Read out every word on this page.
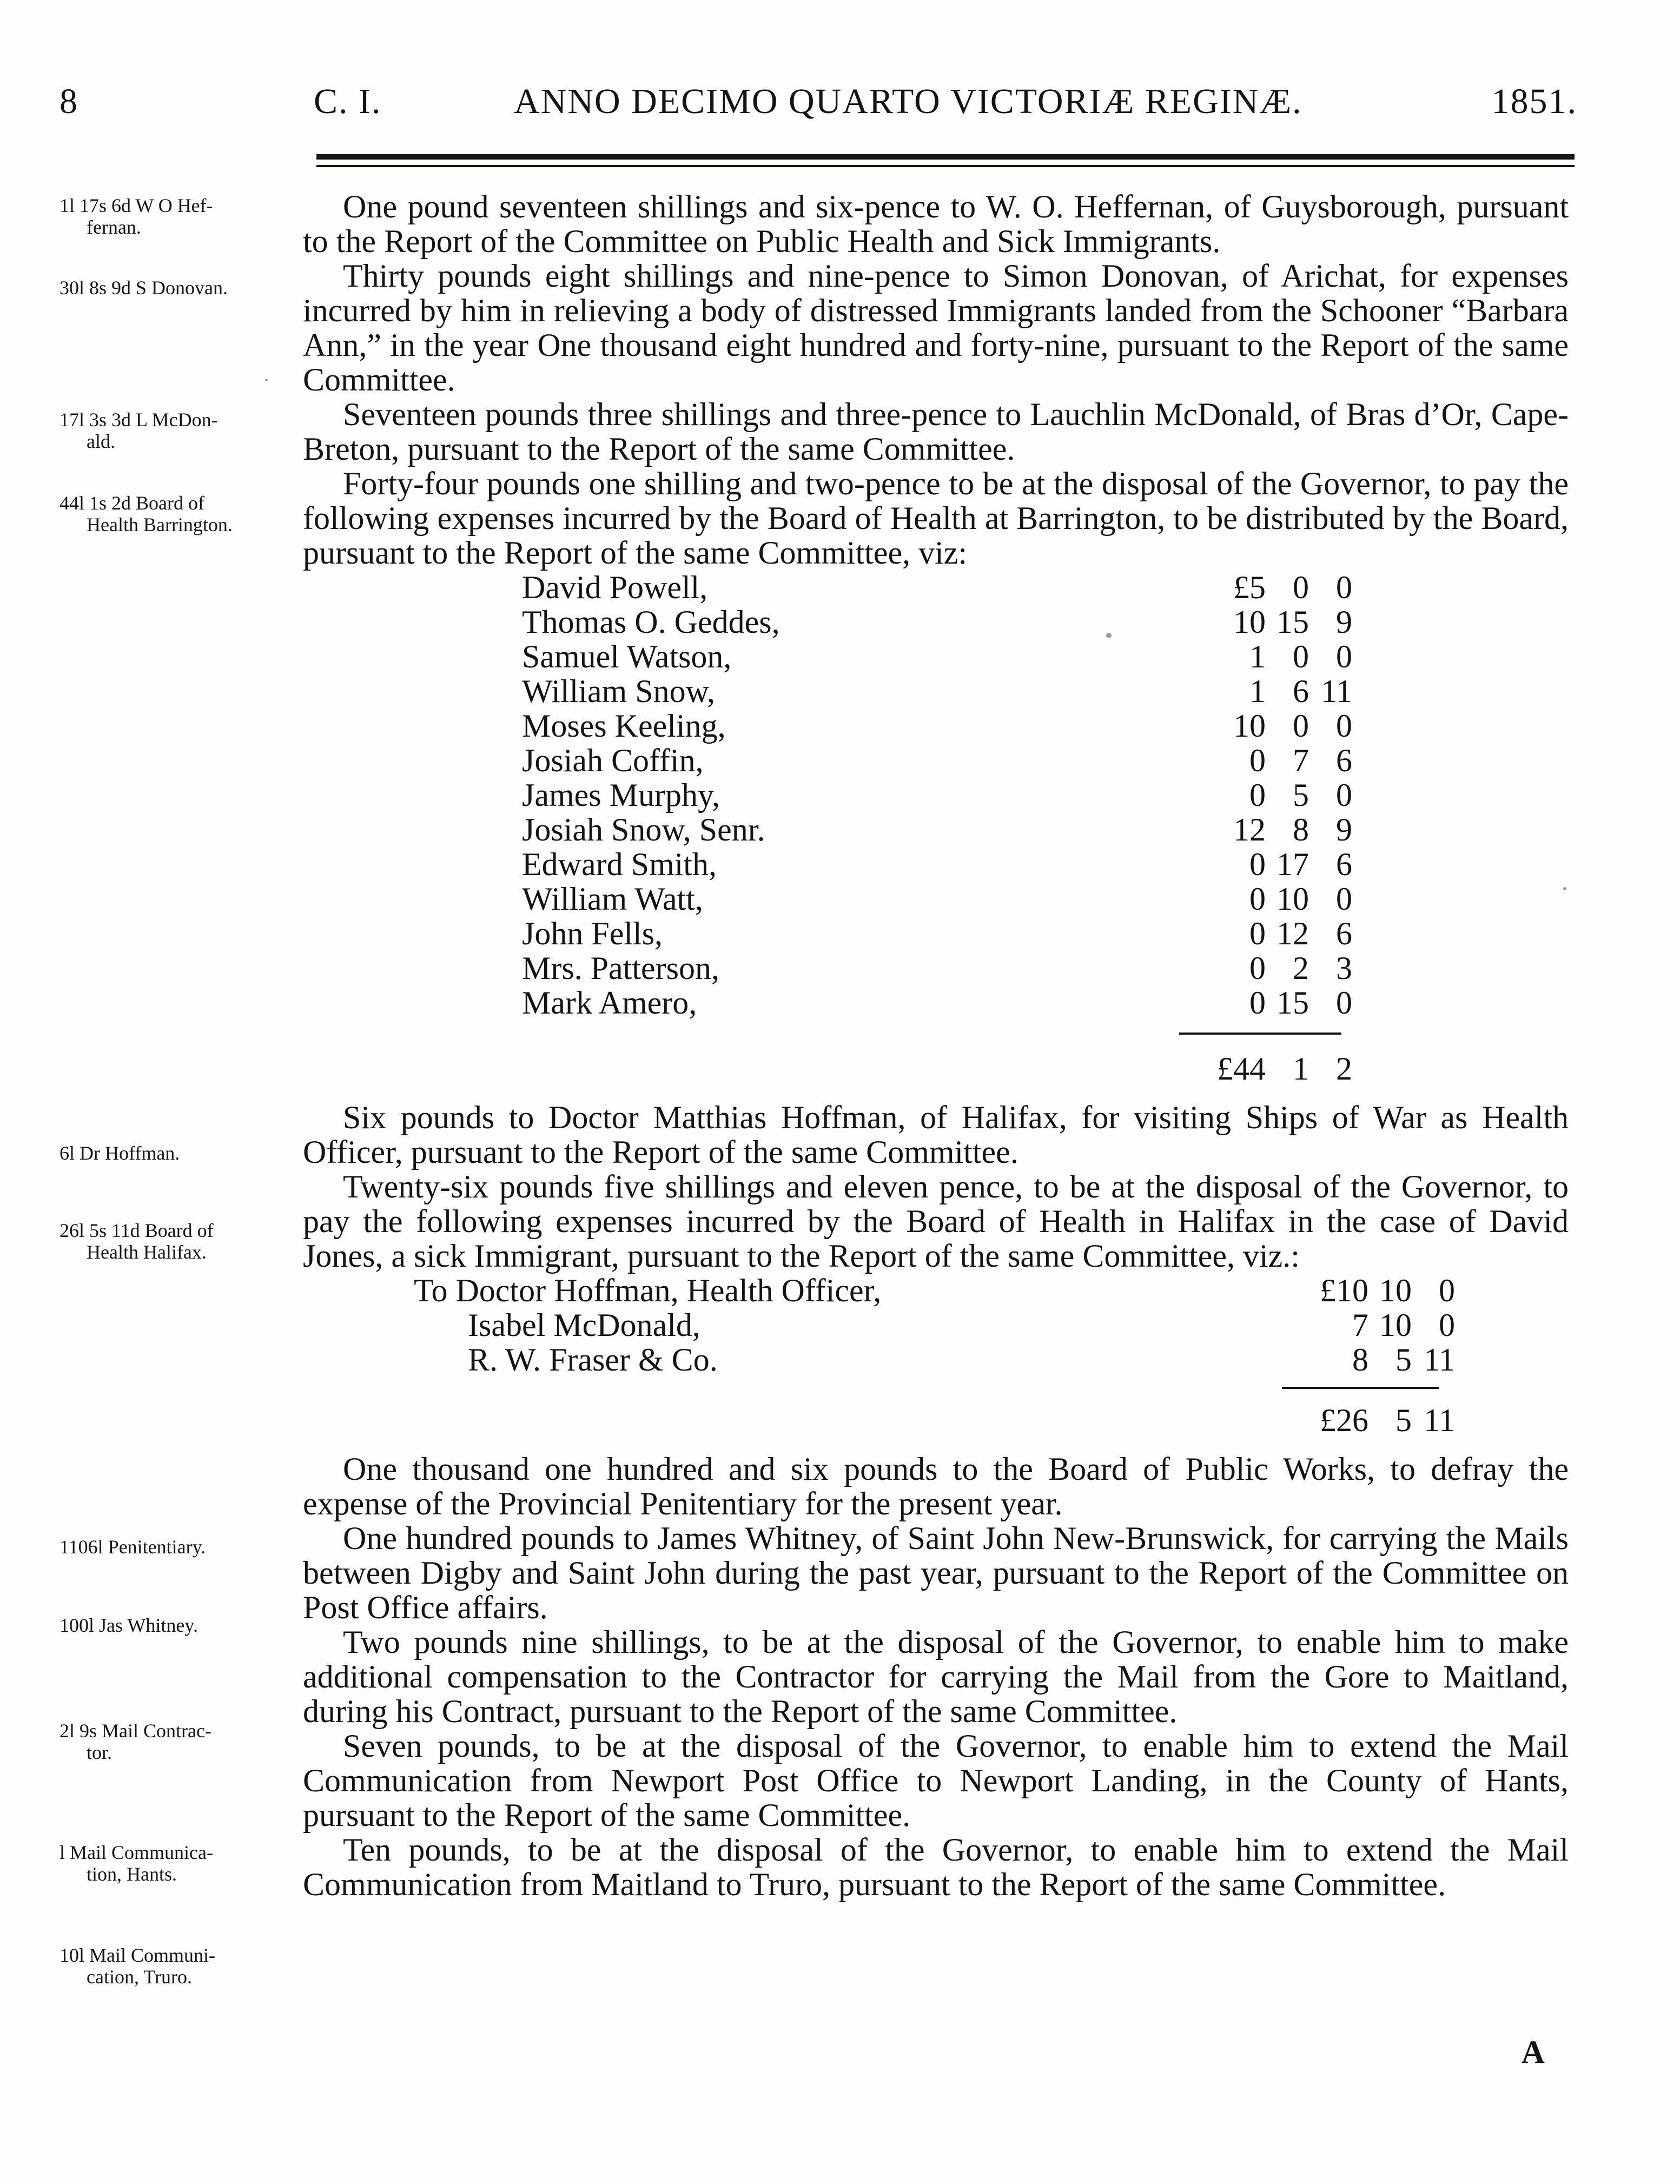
8	C. I.	ANNO DECIMO QUARTO VICTORIÆ REGINÆ.	1851.
1l 17s 6d W O Hef-
fernan.
30l 8s 9d S Donovan.
17l 3s 3d L McDon-
ald.
44l 1s 2d Board of
Health Barrington.
6l Dr Hoffman.
26l 5s 11d Board of
Health Halifax.
1106l Penitentiary.
100l Jas Whitney.
2l 9s Mail Contrac-
tor.
l Mail Communica-
tion, Hants.
10l Mail Communi-
cation, Truro.

One pound seventeen shillings and six-pence to W. O. Heffernan, of Guysborough, pursuant to the Report of the Committee on Public Health and Sick Immigrants.

Thirty pounds eight shillings and nine-pence to Simon Donovan, of Arichat, for expenses incurred by him in relieving a body of distressed Immigrants landed from the Schooner “Barbara Ann,” in the year One thousand eight hundred and forty-nine, pursuant to the Report of the same Committee.

Seventeen pounds three shillings and three-pence to Lauchlin McDonald, of Bras d’Or, Cape-Breton, pursuant to the Report of the same Committee.

Forty-four pounds one shilling and two-pence to be at the disposal of the Governor, to pay the following expenses incurred by the Board of Health at Barrington, to be distributed by the Board, pursuant to the Report of the same Committee, viz:

David Powell,	£5 0 0
Thomas O. Geddes,	10 15 9
Samuel Watson,	1 0 0
William Snow,	1 6 11
Moses Keeling,	10 0 0
Josiah Coffin,	0 7 6
James Murphy,	0 5 0
Josiah Snow, Senr.	12 8 9
Edward Smith,	0 17 6
William Watt,	0 10 0
John Fells,	0 12 6
Mrs. Patterson,	0 2 3
Mark Amero,	0 15 0
£44 1 2

Six pounds to Doctor Matthias Hoffman, of Halifax, for visiting Ships of War as Health Officer, pursuant to the Report of the same Committee.

Twenty-six pounds five shillings and eleven pence, to be at the disposal of the Governor, to pay the following expenses incurred by the Board of Health in Halifax in the case of David Jones, a sick Immigrant, pursuant to the Report of the same Committee, viz.:

To Doctor Hoffman, Health Officer,	£10 10 0
Isabel McDonald,	7 10 0
R. W. Fraser & Co.	8 5 11
£26 5 11

One thousand one hundred and six pounds to the Board of Public Works, to defray the expense of the Provincial Penitentiary for the present year.

One hundred pounds to James Whitney, of Saint John New-Brunswick, for carrying the Mails between Digby and Saint John during the past year, pursuant to the Report of the Committee on Post Office affairs.

Two pounds nine shillings, to be at the disposal of the Governor, to enable him to make additional compensation to the Contractor for carrying the Mail from the Gore to Maitland, during his Contract, pursuant to the Report of the same Committee.

Seven pounds, to be at the disposal of the Governor, to enable him to extend the Mail Communication from Newport Post Office to Newport Landing, in the County of Hants, pursuant to the Report of the same Committee.

Ten pounds, to be at the disposal of the Governor, to enable him to extend the Mail Communication from Maitland to Truro, pursuant to the Report of the same Committee.

A
